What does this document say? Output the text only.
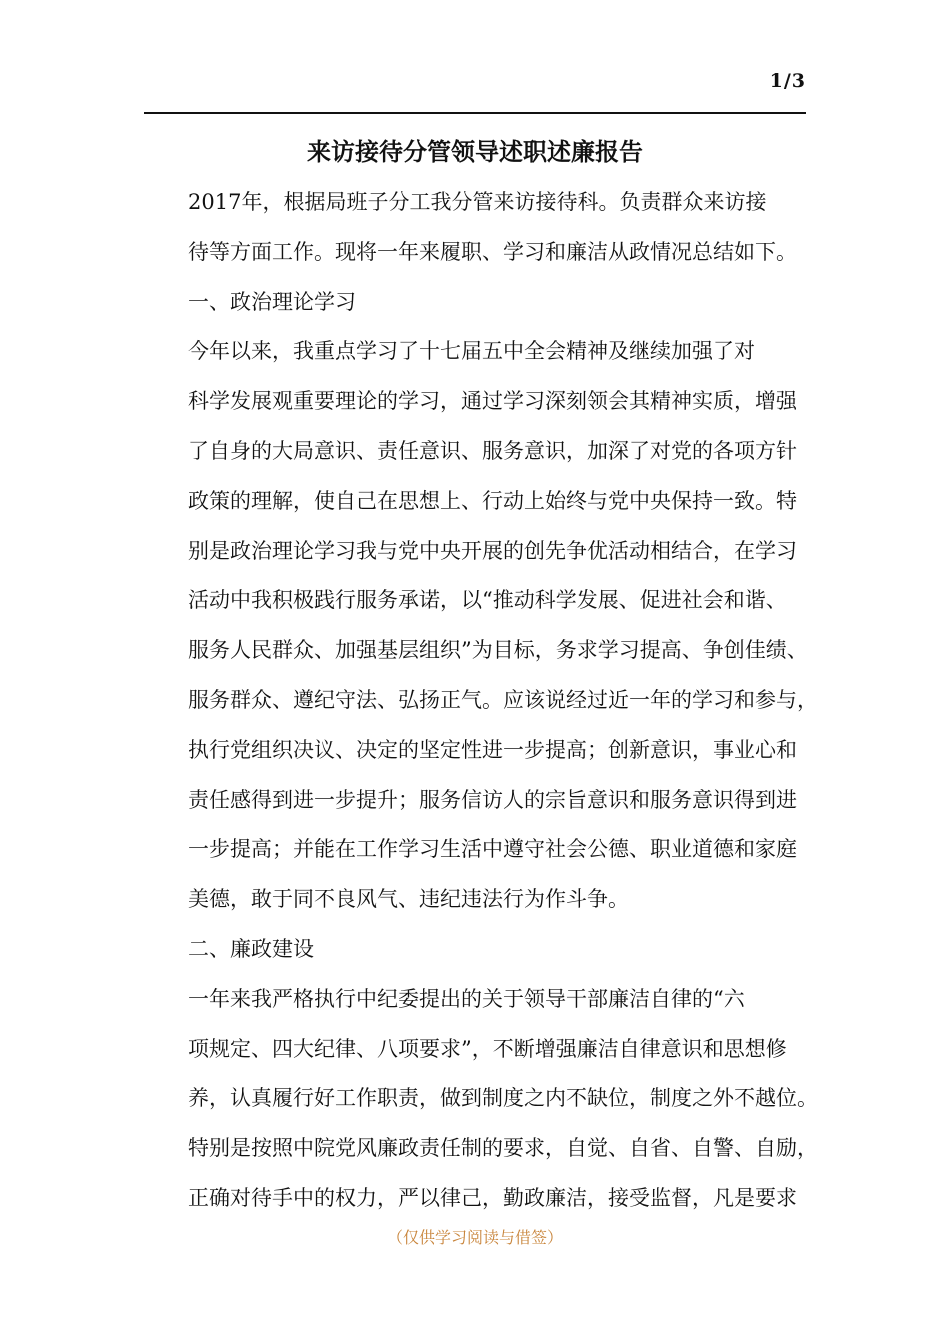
1/3
来访接待分管领导述职述廉报告

2017年，根据局班子分工我分管来访接待科。负责群众来访接
待等方面工作。现将一年来履职、学习和廉洁从政情况总结如下。

一、政治理论学习

今年以来，我重点学习了十七届五中全会精神及继续加强了对
科学发展观重要理论的学习，通过学习深刻领会其精神实质，增强
了自身的大局意识、责任意识、服务意识，加深了对党的各项方针
政策的理解，使自己在思想上、行动上始终与党中央保持一致。特
别是政治理论学习我与党中央开展的创先争优活动相结合，在学习
活动中我积极践行服务承诺，以“推动科学发展、促进社会和谐、
服务人民群众、加强基层组织”为目标，务求学习提高、争创佳绩、
服务群众、遵纪守法、弘扬正气。应该说经过近一年的学习和参与，
执行党组织决议、决定的坚定性进一步提高；创新意识，事业心和
责任感得到进一步提升；服务信访人的宗旨意识和服务意识得到进
一步提高；并能在工作学习生活中遵守社会公德、职业道德和家庭
美德，敢于同不良风气、违纪违法行为作斗争。

二、廉政建设

一年来我严格执行中纪委提出的关于领导干部廉洁自律的“六
项规定、四大纪律、八项要求”，不断增强廉洁自律意识和思想修
养，认真履行好工作职责，做到制度之内不缺位，制度之外不越位。
特别是按照中院党风廉政责任制的要求，自觉、自省、自警、自励，
正确对待手中的权力，严以律己，勤政廉洁，接受监督，凡是要求

（仅供学习阅读与借签）
